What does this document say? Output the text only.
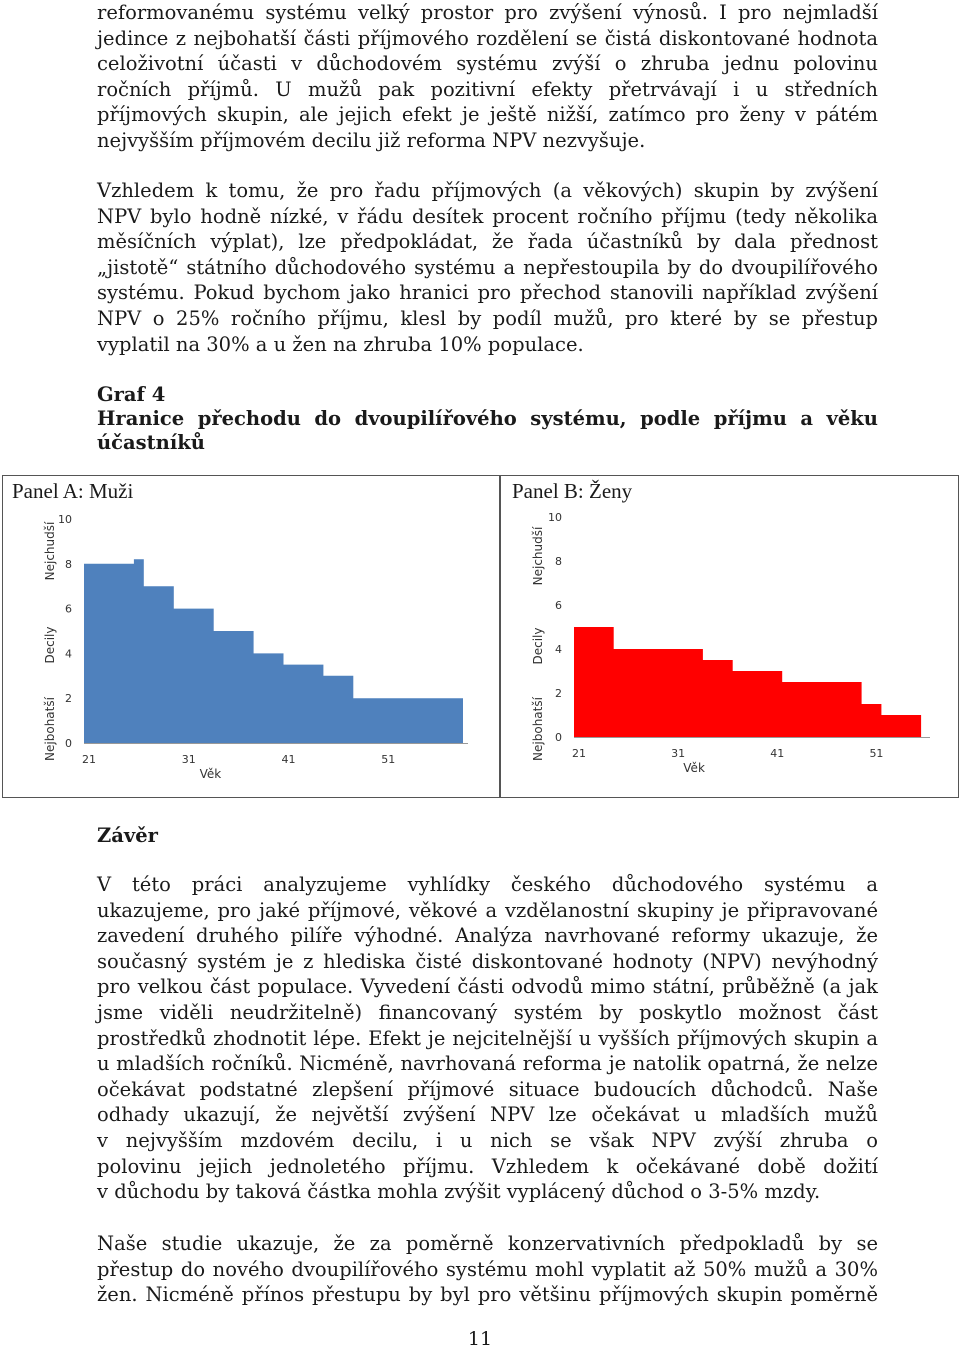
reformovanému systému velký prostor pro zvýšení výnosů. I pro nejmladší
jedince z nejbohatší části příjmového rozdělení se čistá diskontované hodnota
celoživotní účasti v důchodovém systému zvýší o zhruba jednu polovinu
ročních příjmů. U mužů pak pozitivní efekty přetrvávají i u středních
příjmových skupin, ale jejich efekt je ještě nižší, zatímco pro ženy v pátém
nejvyšším příjmovém decilu již reforma NPV nezvyšuje.
Vzhledem k tomu, že pro řadu příjmových (a věkových) skupin by zvýšení
NPV bylo hodně nízké, v řádu desítek procent ročního příjmu (tedy několika
měsíčních výplat), lze předpokládat, že řada účastníků by dala přednost
„jistotě“ státního důchodového systému a nepřestoupila by do dvoupilířového
systému. Pokud bychom jako hranici pro přechod stanovili například zvýšení
NPV o 25% ročního příjmu, klesl by podíl mužů, pro které by se přestup
vyplatil na 30% a u žen na zhruba 10% populace.
Graf 4
Hranice přechodu do dvoupilířového systému, podle příjmu a věku
účastníků
Panel A: Muži	Panel B: Ženy
Nejchudší
Decily
Nejbohatší 0
2
4
6
8
10
21	31	41	51
Věk
Nejchudší
Decily
Nejbohatší 0
2
4
6
8
10
21	31	41	51
Věk
Závěr
V této práci analyzujeme vyhlídky českého důchodového systému a
ukazujeme, pro jaké příjmové, věkové a vzdělanostní skupiny je připravované
zavedení druhého pilíře výhodné. Analýza navrhované reformy ukazuje, že
současný systém je z hlediska čisté diskontované hodnoty (NPV) nevýhodný
pro velkou část populace. Vyvedení části odvodů mimo státní, průběžně (a jak
jsme viděli neudržitelně) financovaný systém by poskytlo možnost část
prostředků zhodnotit lépe. Efekt je nejcitelnější u vyšších příjmových skupin a
u mladších ročníků. Nicméně, navrhovaná reforma je natolik opatrná, že nelze
očekávat podstatné zlepšení příjmové situace budoucích důchodců. Naše
odhady ukazují, že největší zvýšení NPV lze očekávat u mladších mužů
v nejvyšším mzdovém decilu, i u nich se však NPV zvýší zhruba o
polovinu jejich jednoletého příjmu. Vzhledem k očekávané době dožití
v důchodu by taková částka mohla zvýšit vyplácený důchod o 3-5% mzdy.
Naše studie ukazuje, že za poměrně konzervativních předpokladů by se
přestup do nového dvoupilířového systému mohl vyplatit až 50% mužů a 30%
žen. Nicméně přínos přestupu by byl pro většinu příjmových skupin poměrně
11
